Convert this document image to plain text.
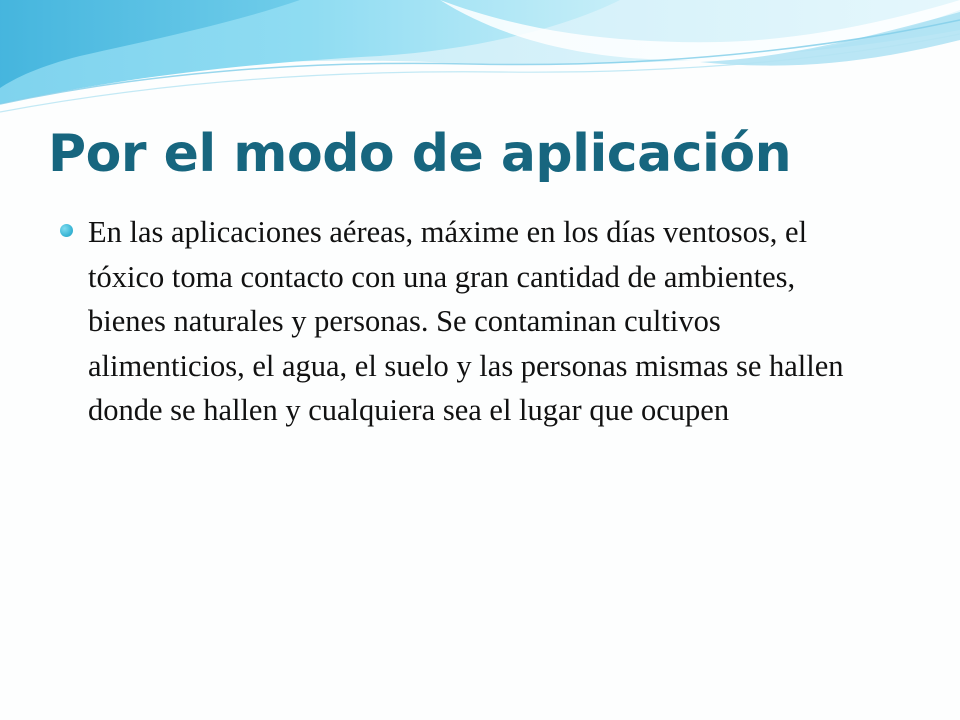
Por el modo de aplicación
En las aplicaciones aéreas, máxime en los días ventosos, el tóxico toma contacto con una gran cantidad de ambientes, bienes naturales y personas. Se contaminan cultivos alimenticios, el agua, el suelo y las personas mismas se hallen donde se hallen y cualquiera sea el lugar que ocupen
